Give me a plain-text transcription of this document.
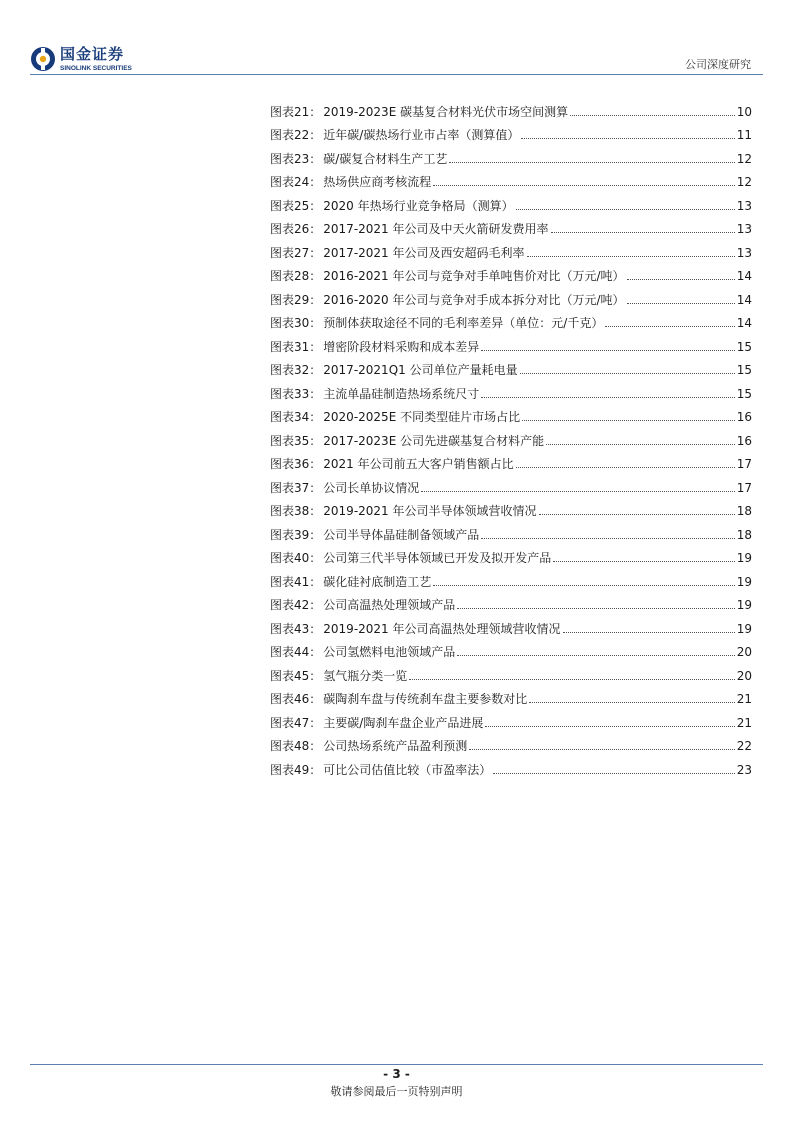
国金证券
SINOLINK SECURITIES	公司深度研究
图表21： 2019-2023E 碳基复合材料光伏市场空间测算	10
图表22： 近年碳/碳热场行业市占率（测算值）	11
图表23： 碳/碳复合材料生产工艺	12
图表24： 热场供应商考核流程	12
图表25： 2020 年热场行业竞争格局（测算）	13
图表26： 2017-2021 年公司及中天火箭研发费用率	13
图表27： 2017-2021 年公司及西安超码毛利率	13
图表28： 2016-2021 年公司与竞争对手单吨售价对比（万元/吨）	14
图表29： 2016-2020 年公司与竞争对手成本拆分对比（万元/吨）	14
图表30： 预制体获取途径不同的毛利率差异（单位：元/千克）	14
图表31： 增密阶段材料采购和成本差异	15
图表32： 2017-2021Q1 公司单位产量耗电量	15
图表33： 主流单晶硅制造热场系统尺寸	15
图表34： 2020-2025E 不同类型硅片市场占比	16
图表35： 2017-2023E 公司先进碳基复合材料产能	16
图表36： 2021 年公司前五大客户销售额占比	17
图表37： 公司长单协议情况	17
图表38： 2019-2021 年公司半导体领域营收情况	18
图表39： 公司半导体晶硅制备领域产品	18
图表40： 公司第三代半导体领域已开发及拟开发产品	19
图表41： 碳化硅衬底制造工艺	19
图表42： 公司高温热处理领域产品	19
图表43： 2019-2021 年公司高温热处理领域营收情况	19
图表44： 公司氢燃料电池领域产品	20
图表45： 氢气瓶分类一览	20
图表46： 碳陶刹车盘与传统刹车盘主要参数对比	21
图表47： 主要碳/陶刹车盘企业产品进展	21
图表48： 公司热场系统产品盈利预测	22
图表49： 可比公司估值比较（市盈率法）	23
- 3 -
敬请参阅最后一页特别声明
